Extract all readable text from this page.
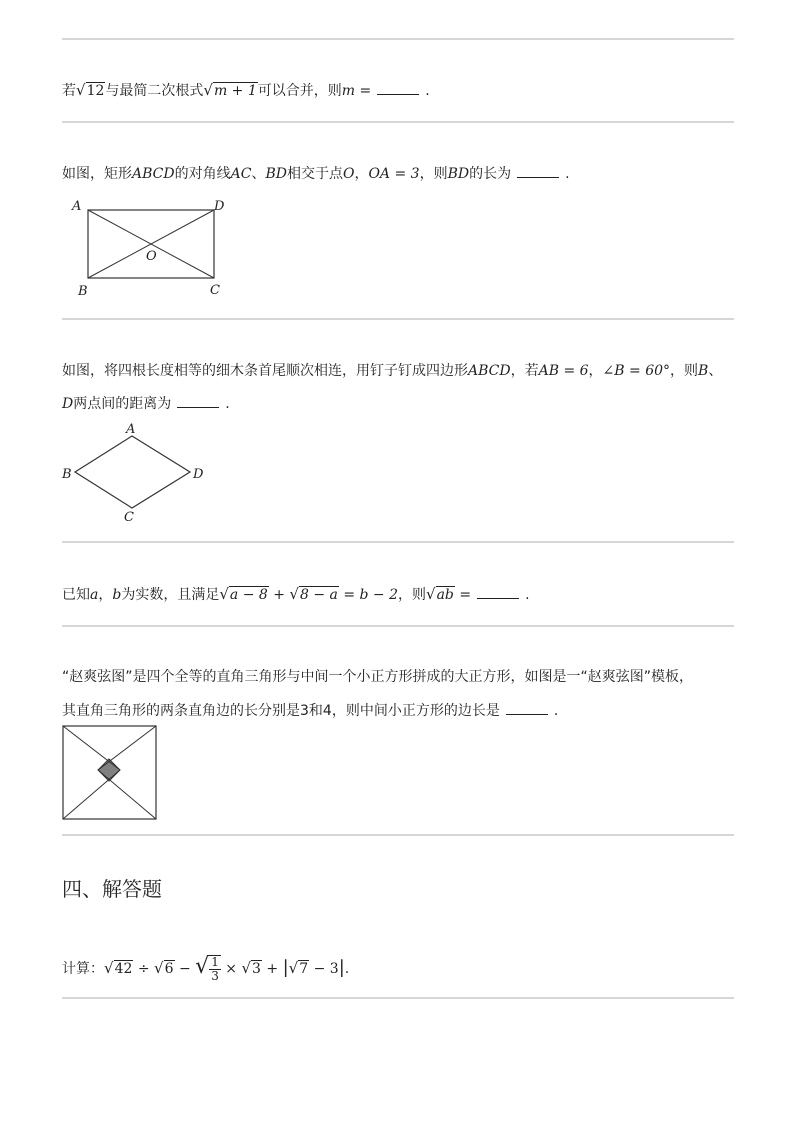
若√12与最简二次根式√m + 1可以合并，则m =	.
如图，矩形ABCD的对角线AC、BD相交于点O，OA = 3，则BD的长为	.
A	D
O
B	C
如图，将四根长度相等的细木条首尾顺次相连，用钉子钉成四边形ABCD，若AB = 6，∠B = 60°，则B、
D两点间的距离为	.
A
B	D
C
已知a，b为实数，且满足√a − 8 + √8 − a = b − 2，则√ab =	.
“赵爽弦图”是四个全等的直角三角形与中间一个小正方形拼成的大正方形，如图是一“赵爽弦图”模板，
其直角三角形的两条直角边的长分别是3和4，则中间小正方形的边长是	.
四、解答题
计算：√42 ÷ √6 − √ $\frac{1}{3} \times √3 + |√7 - 3|$.
